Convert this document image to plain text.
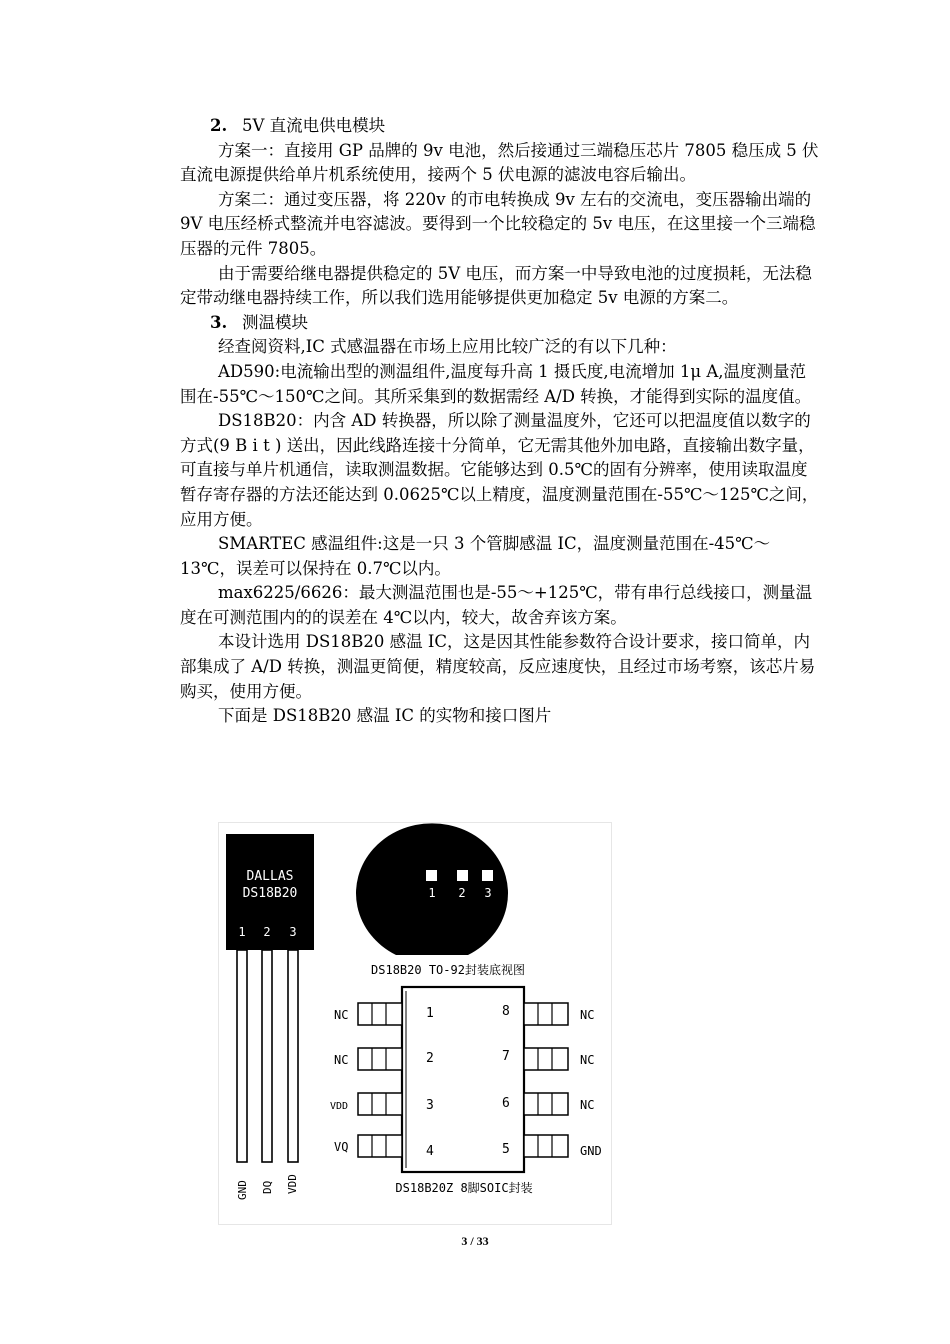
2. 5V 直流电供电模块

方案一：直接用 GP 品牌的 9v 电池，然后接通过三端稳压芯片 7805 稳压成 5 伏直流电源提供给单片机系统使用，接两个 5 伏电源的滤波电容后输出。

方案二：通过变压器，将 220v 的市电转换成 9v 左右的交流电，变压器输出端的 9V 电压经桥式整流并电容滤波。要得到一个比较稳定的 5v 电压，在这里接一个三端稳压器的元件 7805。

由于需要给继电器提供稳定的 5V 电压，而方案一中导致电池的过度损耗，无法稳定带动继电器持续工作，所以我们选用能够提供更加稳定 5v 电源的方案二。

3. 测温模块

经查阅资料,IC 式感温器在市场上应用比较广泛的有以下几种：

AD590:电流输出型的测温组件,温度每升高 1 摄氏度,电流增加 1μ A,温度测量范围在-55℃～150℃之间。其所采集到的数据需经 A/D 转换，才能得到实际的温度值。

DS18B20：内含 AD 转换器，所以除了测量温度外，它还可以把温度值以数字的方式(9 B i t ) 送出，因此线路连接十分简单，它无需其他外加电路，直接输出数字量，可直接与单片机通信，读取测温数据。它能够达到 0.5℃的固有分辨率，使用读取温度暂存寄存器的方法还能达到 0.0625℃以上精度，温度测量范围在-55℃～125℃之间，应用方便。

SMARTEC 感温组件:这是一只 3 个管脚感温 IC，温度测量范围在-45℃～ 13℃，误差可以保持在 0.7℃以内。

max6225/6626：最大测温范围也是-55～+125℃，带有串行总线接口，测量温度在可测范围内的的误差在 4℃以内，较大，故舍弃该方案。

本设计选用 DS18B20 感温 IC，这是因其性能参数符合设计要求，接口简单，内部集成了 A/D 转换，测温更简便，精度较高，反应速度快，且经过市场考察，该芯片易购买，使用方便。

下面是 DS18B20 感温 IC 的实物和接口图片

DALLAS
DS18B20
1 2 3
GND DQ VDD
1 2 3
DS18B20 TO-92封装底视图
NC
NC
VDD
VQ
1
2
3
4
8
7
6
5
NC
NC
NC
GND
DS18B20Z 8脚SOIC封装
3 / 33
